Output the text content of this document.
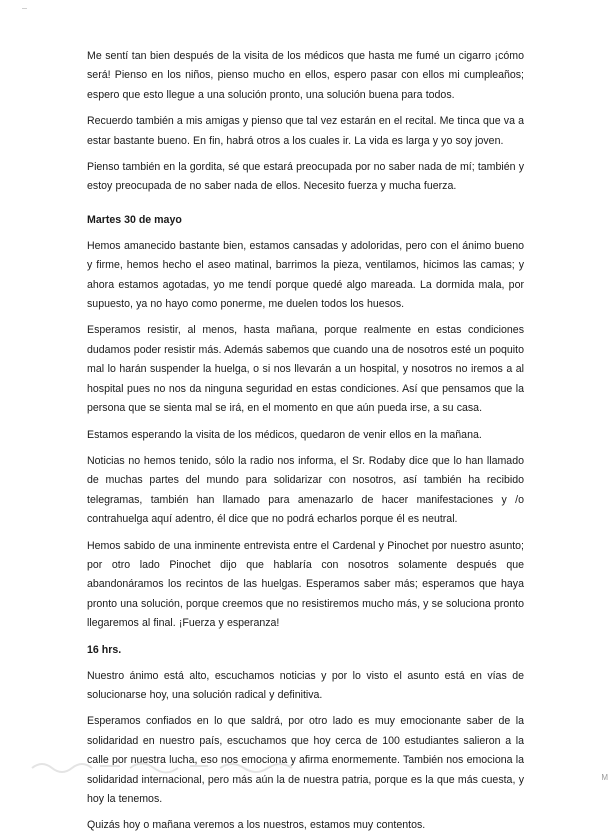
Me sentí tan bien después de la visita de los médicos que hasta me fumé un cigarro ¡cómo será! Pienso en los niños, pienso mucho en ellos, espero pasar con ellos mi cumpleaños; espero que esto llegue a una solución pronto, una solución buena para todos.

Recuerdo también a mis amigas y pienso que tal vez estarán en el recital. Me tinca que va a estar bastante bueno. En fin, habrá otros a los cuales ir. La vida es larga y yo soy joven.

Pienso también en la gordita, sé que estará preocupada por no saber nada de mí; también y estoy preocupada de no saber nada de ellos. Necesito fuerza y mucha fuerza.

Martes 30 de mayo

Hemos amanecido bastante bien, estamos cansadas y adoloridas, pero con el ánimo bueno y firme, hemos hecho el aseo matinal, barrimos la pieza, ventilamos, hicimos las camas; y ahora estamos agotadas, yo me tendí porque quedé algo mareada. La dormida mala, por supuesto, ya no hayo como ponerme, me duelen todos los huesos.

Esperamos resistir, al menos, hasta mañana, porque realmente en estas condiciones dudamos poder resistir más. Además sabemos que cuando una de nosotros esté un poquito mal lo harán suspender la huelga, o si nos llevarán a un hospital, y nosotros no iremos a al hospital pues no nos da ninguna seguridad en estas condiciones. Así que pensamos que la persona que se sienta mal se irá, en el momento en que aún pueda irse, a su casa.

Estamos esperando la visita de los médicos, quedaron de venir ellos en la mañana.

Noticias no hemos tenido, sólo la radio nos informa, el Sr. Rodaby dice que lo han llamado de muchas partes del mundo para solidarizar con nosotros, así también ha recibido telegramas, también han llamado para amenazarlo de hacer manifestaciones y /o contrahuelga aquí adentro, él dice que no podrá echarlos porque él es neutral.

Hemos sabido de una inminente entrevista entre el Cardenal y Pinochet por nuestro asunto; por otro lado Pinochet dijo que hablaría con nosotros solamente después que abandonáramos los recintos de las huelgas. Esperamos saber más; esperamos que haya pronto una solución, porque creemos que no resistiremos mucho más, y se soluciona pronto llegaremos al final. ¡Fuerza y esperanza!

16 hrs.

Nuestro ánimo está alto, escuchamos noticias y por lo visto el asunto está en vías de solucionarse hoy, una solución radical y definitiva.

Esperamos confiados en lo que saldrá, por otro lado es muy emocionante saber de la solidaridad en nuestro país, escuchamos que hoy cerca de 100 estudiantes salieron a la calle por nuestra lucha, eso nos emociona y afirma enormemente. También nos emociona la solidaridad internacional, pero más aún la de nuestra patria, porque es la que más cuesta, y hoy la tenemos.

Quizás hoy o mañana veremos a los nuestros, estamos muy contentos.

M
